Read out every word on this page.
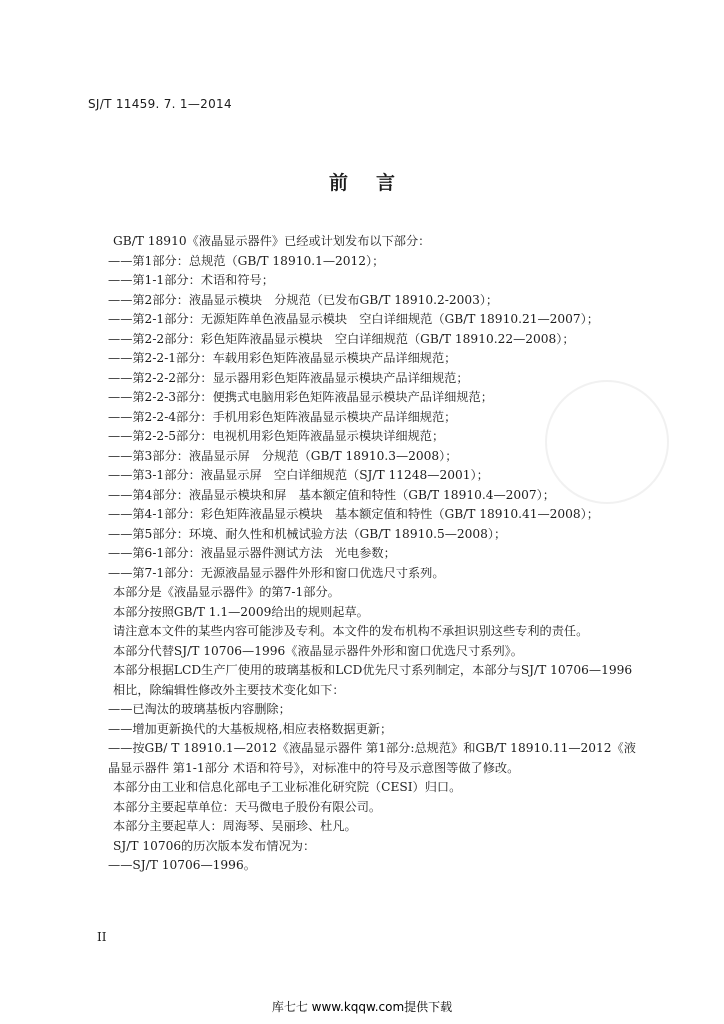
SJ/T 11459. 7. 1—2014
前言
GB/T 18910《液晶显示器件》已经或计划发布以下部分：
——第1部分：总规范（GB/T 18910.1—2012）；
——第1-1部分：术语和符号；
——第2部分：液晶显示模块　分规范（已发布GB/T 18910.2-2003）；
——第2-1部分：无源矩阵单色液晶显示模块　空白详细规范（GB/T 18910.21—2007）；
——第2-2部分：彩色矩阵液晶显示模块　空白详细规范（GB/T 18910.22—2008）；
——第2-2-1部分：车载用彩色矩阵液晶显示模块产品详细规范；
——第2-2-2部分：显示器用彩色矩阵液晶显示模块产品详细规范；
——第2-2-3部分：便携式电脑用彩色矩阵液晶显示模块产品详细规范；
——第2-2-4部分：手机用彩色矩阵液晶显示模块产品详细规范；
——第2-2-5部分：电视机用彩色矩阵液晶显示模块详细规范；
——第3部分：液晶显示屏　分规范（GB/T 18910.3—2008）；
——第3-1部分：液晶显示屏　空白详细规范（SJ/T 11248—2001）；
——第4部分：液晶显示模块和屏　基本额定值和特性（GB/T 18910.4—2007）；
——第4-1部分：彩色矩阵液晶显示模块　基本额定值和特性（GB/T 18910.41—2008）；
——第5部分：环境、耐久性和机械试验方法（GB/T 18910.5—2008）；
——第6-1部分：液晶显示器件测试方法　光电参数；
——第7-1部分：无源液晶显示器件外形和窗口优选尺寸系列。
本部分是《液晶显示器件》的第7-1部分。
本部分按照GB/T 1.1—2009给出的规则起草。
请注意本文件的某些内容可能涉及专利。本文件的发布机构不承担识别这些专利的责任。
本部分代替SJ/T 10706—1996《液晶显示器件外形和窗口优选尺寸系列》。
本部分根据LCD生产厂使用的玻璃基板和LCD优先尺寸系列制定，本部分与SJ/T 10706—1996相比，除编辑性修改外主要技术变化如下：
——已淘汰的玻璃基板内容删除；
——增加更新换代的大基板规格,相应表格数据更新；
——按GB/ T 18910.1—2012《液晶显示器件 第1部分:总规范》和GB/T 18910.11—2012《液晶显示器件 第1-1部分 术语和符号》，对标准中的符号及示意图等做了修改。
本部分由工业和信息化部电子工业标准化研究院（CESI）归口。
本部分主要起草单位：天马微电子股份有限公司。
本部分主要起草人：周海琴、吴丽珍、杜凡。
SJ/T 10706的历次版本发布情况为：
——SJ/T 10706—1996。
II
库七七 www.kqqw.com提供下载
